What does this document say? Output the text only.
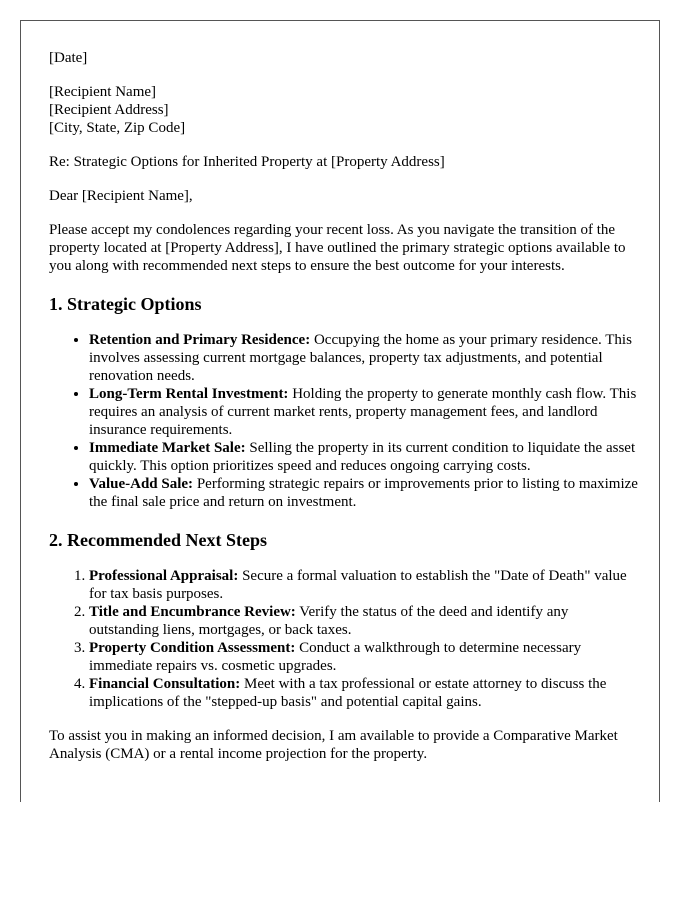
[Date]

[Recipient Name]
[Recipient Address]
[City, State, Zip Code]

Re: Strategic Options for Inherited Property at [Property Address]

Dear [Recipient Name],

Please accept my condolences regarding your recent loss. As you navigate the transition of the property located at [Property Address], I have outlined the primary strategic options available to you along with recommended next steps to ensure the best outcome for your interests.

1. Strategic Options
• Retention and Primary Residence: Occupying the home as your primary residence. This involves assessing current mortgage balances, property tax adjustments, and potential renovation needs.
• Long-Term Rental Investment: Holding the property to generate monthly cash flow. This requires an analysis of current market rents, property management fees, and landlord insurance requirements.
• Immediate Market Sale: Selling the property in its current condition to liquidate the asset quickly. This option prioritizes speed and reduces ongoing carrying costs.
• Value-Add Sale: Performing strategic repairs or improvements prior to listing to maximize the final sale price and return on investment.
2. Recommended Next Steps
1. Professional Appraisal: Secure a formal valuation to establish the "Date of Death" value for tax basis purposes.
2. Title and Encumbrance Review: Verify the status of the deed and identify any outstanding liens, mortgages, or back taxes.
3. Property Condition Assessment: Conduct a walkthrough to determine necessary immediate repairs vs. cosmetic upgrades.
4. Financial Consultation: Meet with a tax professional or estate attorney to discuss the implications of the "stepped-up basis" and potential capital gains.

To assist you in making an informed decision, I am available to provide a Comparative Market Analysis (CMA) or a rental income projection for the property.
